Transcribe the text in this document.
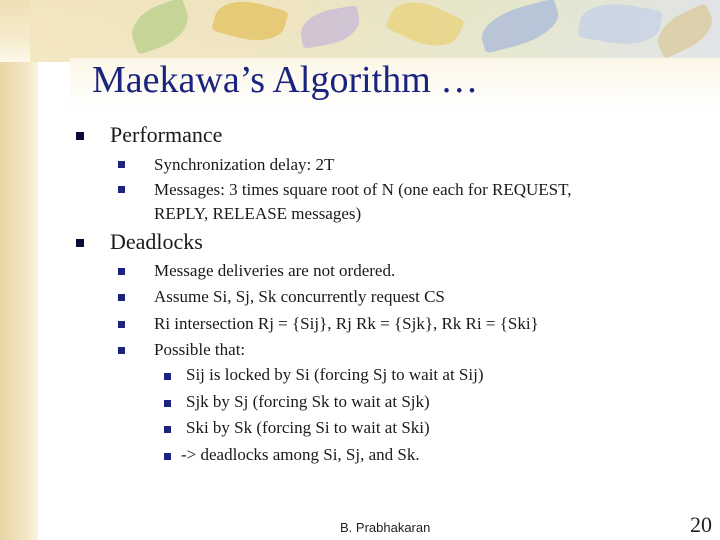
Maekawa’s Algorithm …
Performance
Synchronization delay: 2T
Messages: 3 times square root of N (one each for REQUEST,
REPLY, RELEASE messages)
Deadlocks
Message deliveries are not ordered.
Assume Si, Sj, Sk concurrently request CS
Ri intersection Rj = {Sij}, Rj Rk = {Sjk}, Rk Ri = {Ski}
Possible that:
Sij is locked by Si (forcing Sj to wait at Sij)
Sjk by Sj (forcing Sk to wait at Sjk)
Ski by Sk (forcing Si to wait at Ski)
-> deadlocks among Si, Sj, and Sk.
B. Prabhakaran	20
